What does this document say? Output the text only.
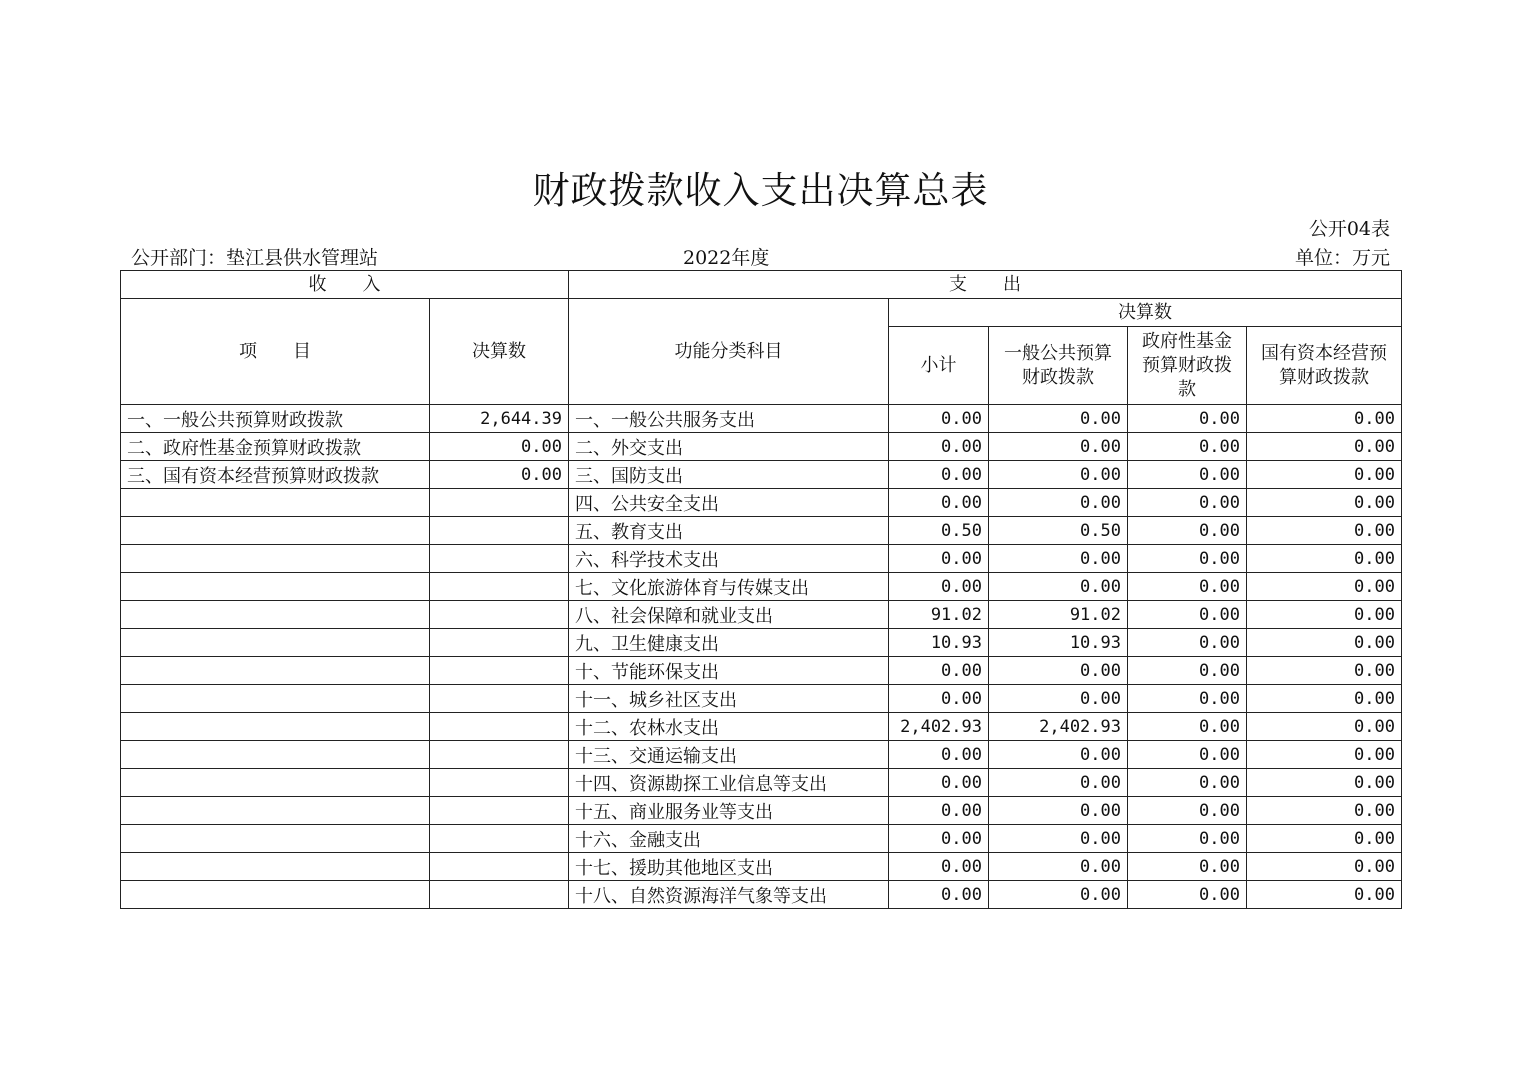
财政拨款收入支出决算总表
公开04表
公开部门：垫江县供水管理站	2022年度	单位：万元
收　　入		支　　出				
项　　目	决算数	功能分类科目	决算数			
			小计	一般公共预算财政拨款	政府性基金预算财政拨款	国有资本经营预算财政拨款
一、一般公共预算财政拨款	2,644.39	一、一般公共服务支出	0.00	0.00	0.00	0.00
二、政府性基金预算财政拨款	0.00	二、外交支出	0.00	0.00	0.00	0.00
三、国有资本经营预算财政拨款	0.00	三、国防支出	0.00	0.00	0.00	0.00
		四、公共安全支出	0.00	0.00	0.00	0.00
		五、教育支出	0.50	0.50	0.00	0.00
		六、科学技术支出	0.00	0.00	0.00	0.00
		七、文化旅游体育与传媒支出	0.00	0.00	0.00	0.00
		八、社会保障和就业支出	91.02	91.02	0.00	0.00
		九、卫生健康支出	10.93	10.93	0.00	0.00
		十、节能环保支出	0.00	0.00	0.00	0.00
		十一、城乡社区支出	0.00	0.00	0.00	0.00
		十二、农林水支出	2,402.93	2,402.93	0.00	0.00
		十三、交通运输支出	0.00	0.00	0.00	0.00
		十四、资源勘探工业信息等支出	0.00	0.00	0.00	0.00
		十五、商业服务业等支出	0.00	0.00	0.00	0.00
		十六、金融支出	0.00	0.00	0.00	0.00
		十七、援助其他地区支出	0.00	0.00	0.00	0.00
		十八、自然资源海洋气象等支出	0.00	0.00	0.00	0.00
